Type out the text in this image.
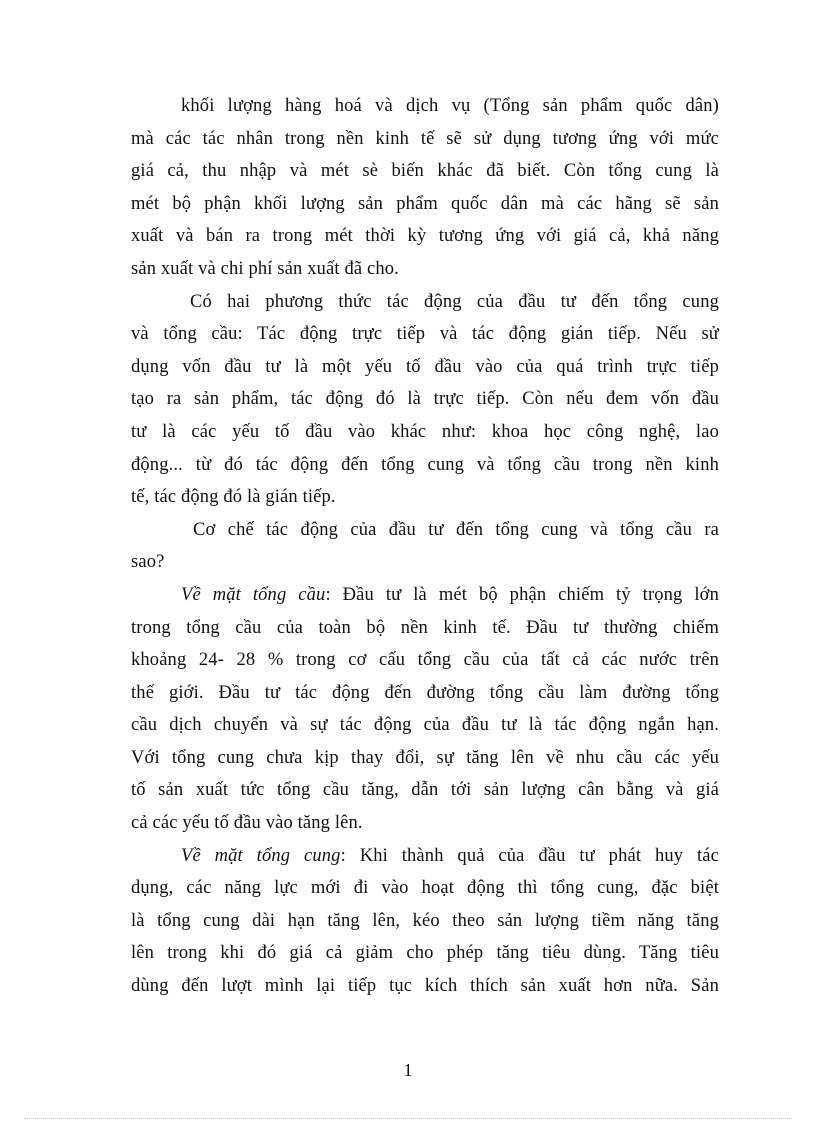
khối lượng hàng hoá và dịch vụ (Tổng sản phẩm quốc dân)
mà các tác nhân trong nền kinh tế sẽ sử dụng tương ứng với mức
giá cả, thu nhập và mét sè biến khác đã biết. Còn tổng cung là
mét bộ phận khối lượng sản phẩm quốc dân mà các hãng sẽ sản
xuất và bán ra trong mét thời kỳ tương ứng với giá cả, khả năng
sản xuất và chi phí sản xuất đã cho.
Có hai phương thức tác động của đầu tư đến tổng cung
và tổng cầu: Tác động trực tiếp và tác động gián tiếp. Nếu sử
dụng vốn đầu tư là một yếu tố đầu vào của quá trình trực tiếp
tạo ra sản phẩm, tác động đó là trực tiếp. Còn nếu đem vốn đầu
tư là các yếu tố đầu vào khác như: khoa học công nghệ, lao
động... từ đó tác động đến tổng cung và tổng cầu trong nền kinh
tế, tác động đó là gián tiếp.
Cơ chế tác động của đầu tư đến tổng cung và tổng cầu ra
sao?
Về mặt tổng cầu: Đầu tư là mét bộ phận chiếm tỷ trọng lớn
trong tổng cầu của toàn bộ nền kinh tế. Đầu tư thường chiếm
khoảng 24- 28 % trong cơ cấu tổng cầu của tất cả các nước trên
thế giới. Đầu tư tác động đến đường tổng cầu làm đường tổng
cầu dịch chuyển và sự tác động của đầu tư là tác động ngắn hạn.
Với tổng cung chưa kịp thay đổi, sự tăng lên về nhu cầu các yếu
tố sản xuất tức tổng cầu tăng, dẫn tới sản lượng cân bằng và giá
cả các yếu tố đầu vào tăng lên.
Về mặt tổng cung: Khi thành quả của đầu tư phát huy tác
dụng, các năng lực mới đi vào hoạt động thì tổng cung, đặc biệt
là tổng cung dài hạn tăng lên, kéo theo sản lượng tiềm năng tăng
lên trong khi đó giá cả giảm cho phép tăng tiêu dùng. Tăng tiêu
dùng đến lượt mình lại tiếp tục kích thích sản xuất hơn nữa. Sản
1
